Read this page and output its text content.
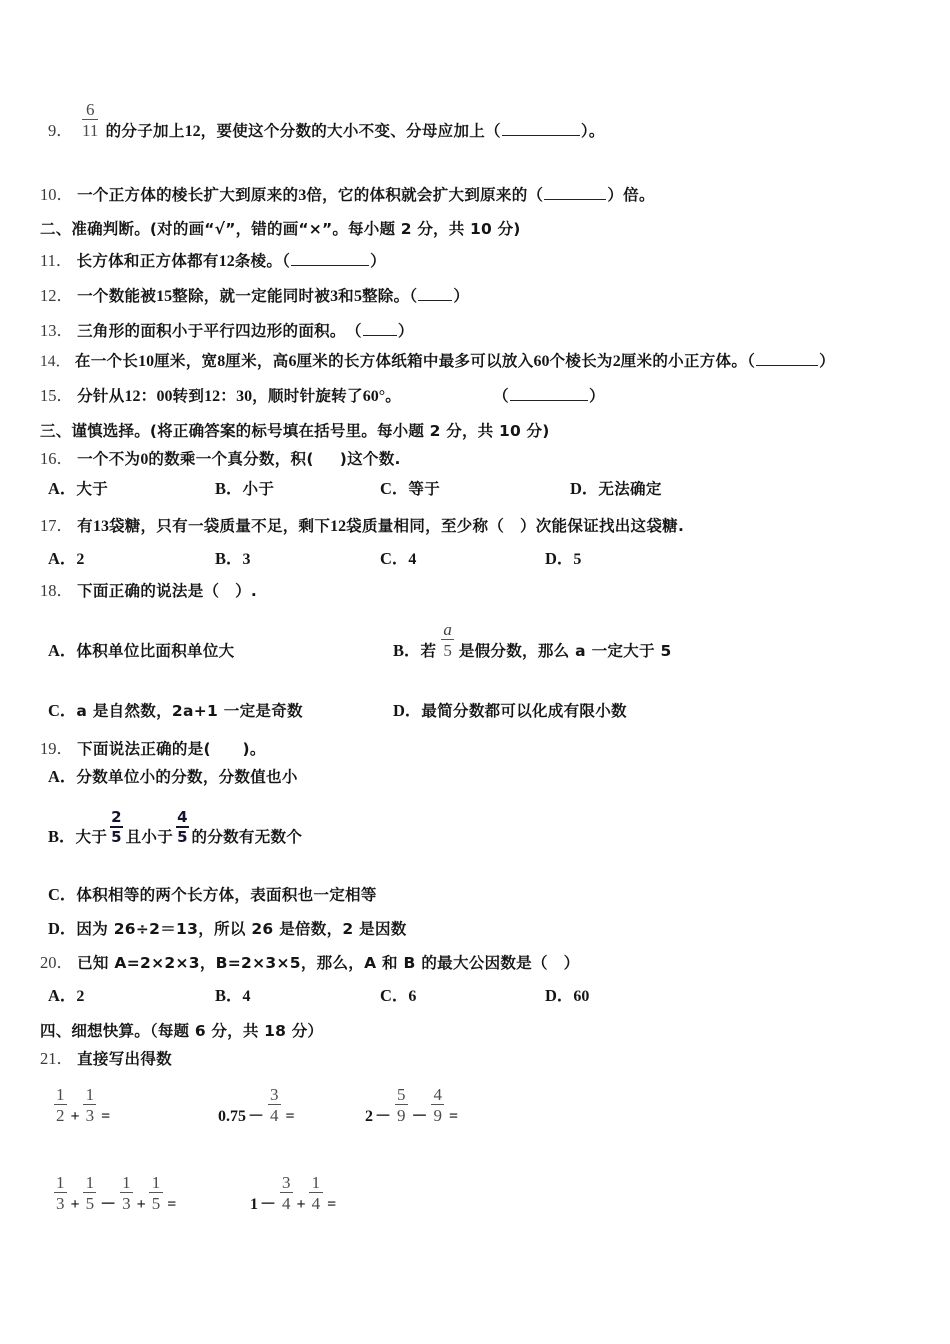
9．
6
11 的分子加上12，要使这个分数的大小不变、分母应加上（	）。
10． 一个正方体的棱长扩大到原来的3倍，它的体积就会扩大到原来的（	）倍。
二、准确判断。(对的画“√”，错的画“×”。每小题 2 分，共 10 分)
11． 长方体和正方体都有12条棱。（	）
12． 一个数能被15整除，就一定能同时被3和5整除。（ ）
13． 三角形的面积小于平行四边形的面积。　（ ）
14． 在一个长10厘米，宽8厘米，高6厘米的长方体纸箱中最多可以放入60个棱长为2厘米的小正方体。（	）
15． 分针从12：00转到12：30，顺时针旋转了60°。	（	）
三、谨慎选择。(将正确答案的标号填在括号里。每小题 2 分，共 10 分)
16． 一个不为0的数乘一个真分数，积( )这个数.
A．大于	B．小于	C．等于	D．无法确定
17． 有13袋糖，只有一袋质量不足，剩下12袋质量相同，至少称（　）次能保证找出这袋糖.
A．2	B．3	C．4	D．5
18． 下面正确的说法是（　）.
A．体积单位比面积单位大	B．若
a
5 是假分数，那么 a 一定大于 5
C．a 是自然数，2a+1 一定是奇数	D．最简分数都可以化成有限小数
19． 下面说法正确的是(　　)。
A．分数单位小的分数，分数值也小
B．大于
2
5 且小于
4
5 的分数有无数个
C．体积相等的两个长方体，表面积也一定相等
D．因为 26÷2＝13，所以 26 是倍数，2 是因数
20． 已知 A=2×2×3，B=2×3×5，那么，A 和 B 的最大公因数是（　）
A．2	B．4	C．6	D．60
四、细想快算。（每题 6 分，共 18 分）
21． 直接写出得数
1
2 +
1
3 =	0.75 －
3
4 =	2 －
5
9 －
4
9 =
1
3 +
1
5 －
1
3 +
1
5 =	1 －
3
4 +
1
4 =
